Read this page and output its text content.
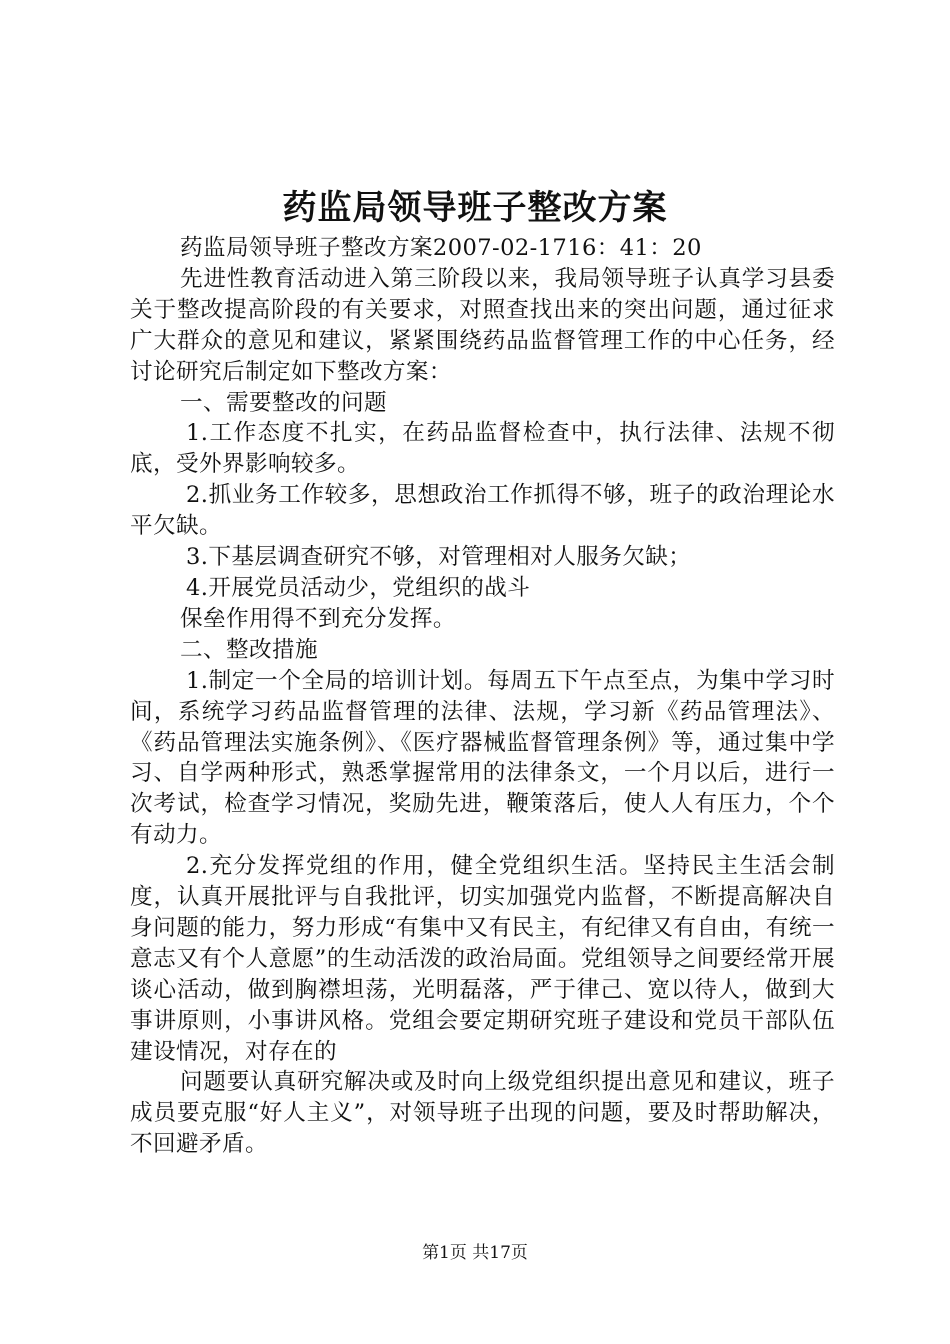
药监局领导班子整改方案

药监局领导班子整改方案2007-02-1716：41：20

先进性教育活动进入第三阶段以来，我局领导班子认真学习县委关于整改提高阶段的有关要求，对照查找出来的突出问题，通过征求广大群众的意见和建议，紧紧围绕药品监督管理工作的中心任务，经讨论研究后制定如下整改方案：

一、需要整改的问题

1.工作态度不扎实，在药品监督检查中，执行法律、法规不彻底，受外界影响较多。

2.抓业务工作较多，思想政治工作抓得不够，班子的政治理论水平欠缺。

3.下基层调查研究不够，对管理相对人服务欠缺；

4.开展党员活动少，党组织的战斗

保垒作用得不到充分发挥。

二、整改措施

1.制定一个全局的培训计划。每周五下午点至点，为集中学习时间，系统学习药品监督管理的法律、法规，学习新《药品管理法》、《药品管理法实施条例》、《医疗器械监督管理条例》等，通过集中学习、自学两种形式，熟悉掌握常用的法律条文，一个月以后，进行一次考试，检查学习情况，奖励先进，鞭策落后，使人人有压力，个个有动力。

2.充分发挥党组的作用，健全党组织生活。坚持民主生活会制度，认真开展批评与自我批评，切实加强党内监督，不断提高解决自身问题的能力，努力形成“有集中又有民主，有纪律又有自由，有统一意志又有个人意愿”的生动活泼的政治局面。党组领导之间要经常开展谈心活动，做到胸襟坦荡，光明磊落，严于律己、宽以待人，做到大事讲原则，小事讲风格。党组会要定期研究班子建设和党员干部队伍建设情况，对存在的

问题要认真研究解决或及时向上级党组织提出意见和建议，班子成员要克服“好人主义”，对领导班子出现的问题，要及时帮助解决，不回避矛盾。

第1页 共17页
